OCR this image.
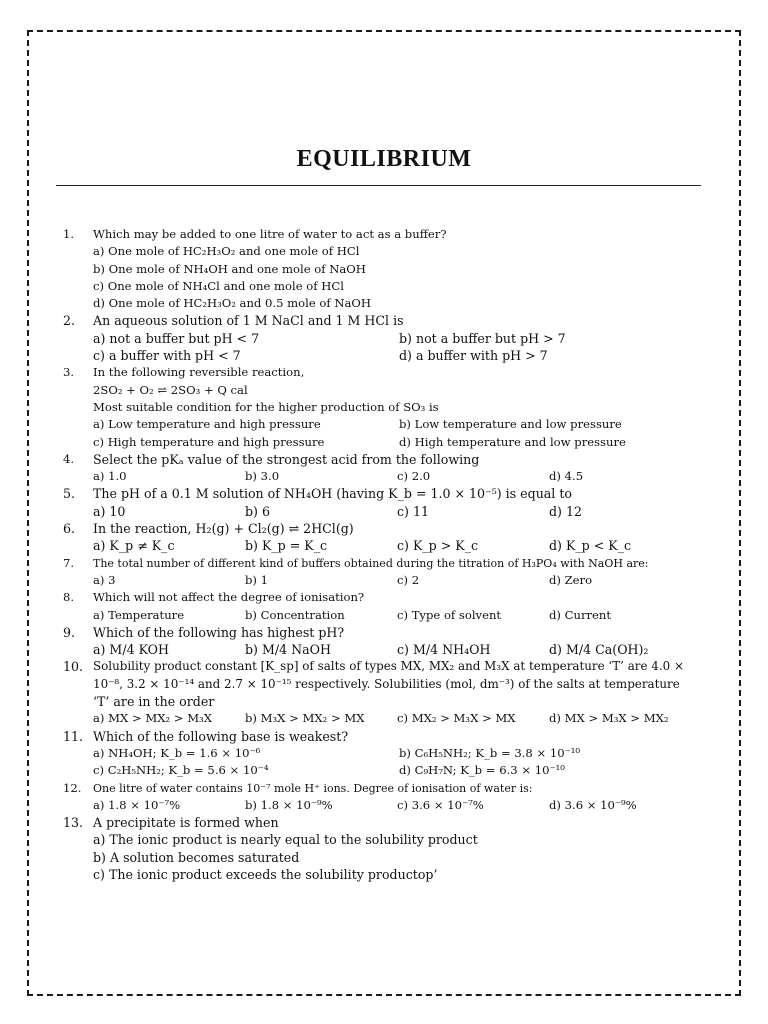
EQUILIBRIUM
1. Which may be added to one litre of water to act as a buffer?
a) One mole of HC₂H₃O₂ and one mole of HCl
b) One mole of NH₄OH and one mole of NaOH
c) One mole of NH₄Cl and one mole of HCl
d) One mole of HC₂H₃O₂ and 0.5 mole of NaOH
2. An aqueous solution of 1 M NaCl and 1 M HCl is
a) not a buffer but pH < 7	b) not a buffer but pH > 7
c) a buffer with pH < 7	d) a buffer with pH > 7
3. In the following reversible reaction,
2SO₂ + O₂ ⇌ 2SO₃ + Q cal
Most suitable condition for the higher production of SO₃ is
a) Low temperature and high pressure	b) Low temperature and low pressure
c) High temperature and high pressure	d) High temperature and low pressure
4. Select the pKₐ value of the strongest acid from the following
a) 1.0	b) 3.0	c) 2.0	d) 4.5
5. The pH of a 0.1 M solution of NH₄OH (having K_b = 1.0 × 10⁻⁵) is equal to
a) 10	b) 6	c) 11	d) 12
6. In the reaction, H₂(g) + Cl₂(g) ⇌ 2HCl(g)
a) K_p ≠ K_c	b) K_p = K_c	c) K_p > K_c	d) K_p < K_c
7. The total number of different kind of buffers obtained during the titration of H₃PO₄ with NaOH are:
a) 3	b) 1	c) 2	d) Zero
8. Which will not affect the degree of ionisation?
a) Temperature	b) Concentration	c) Type of solvent	d) Current
9. Which of the following has highest pH?
a) M/4 KOH	b) M/4 NaOH	c) M/4 NH₄OH	d) M/4 Ca(OH)₂
10. Solubility product constant [K_sp] of salts of types MX, MX₂ and M₃X at temperature ‘T’ are 4.0 ×
10⁻⁸, 3.2 × 10⁻¹⁴ and 2.7 × 10⁻¹⁵ respectively. Solubilities (mol, dm⁻³) of the salts at temperature
‘T’ are in the order
a) MX > MX₂ > M₃X	b) M₃X > MX₂ > MX	c) MX₂ > M₃X > MX	d) MX > M₃X > MX₂
11. Which of the following base is weakest?
a) NH₄OH; K_b = 1.6 × 10⁻⁶	b) C₆H₅NH₂; K_b = 3.8 × 10⁻¹⁰
c) C₂H₅NH₂; K_b = 5.6 × 10⁻⁴	d) C₉H₇N; K_b = 6.3 × 10⁻¹⁰
12. One litre of water contains 10⁻⁷ mole H⁺ ions. Degree of ionisation of water is:
a) 1.8 × 10⁻⁷%	b) 1.8 × 10⁻⁹%	c) 3.6 × 10⁻⁷%	d) 3.6 × 10⁻⁹%
13. A precipitate is formed when
a) The ionic product is nearly equal to the solubility product
b) A solution becomes saturated
c) The ionic product exceeds the solubility productop’
